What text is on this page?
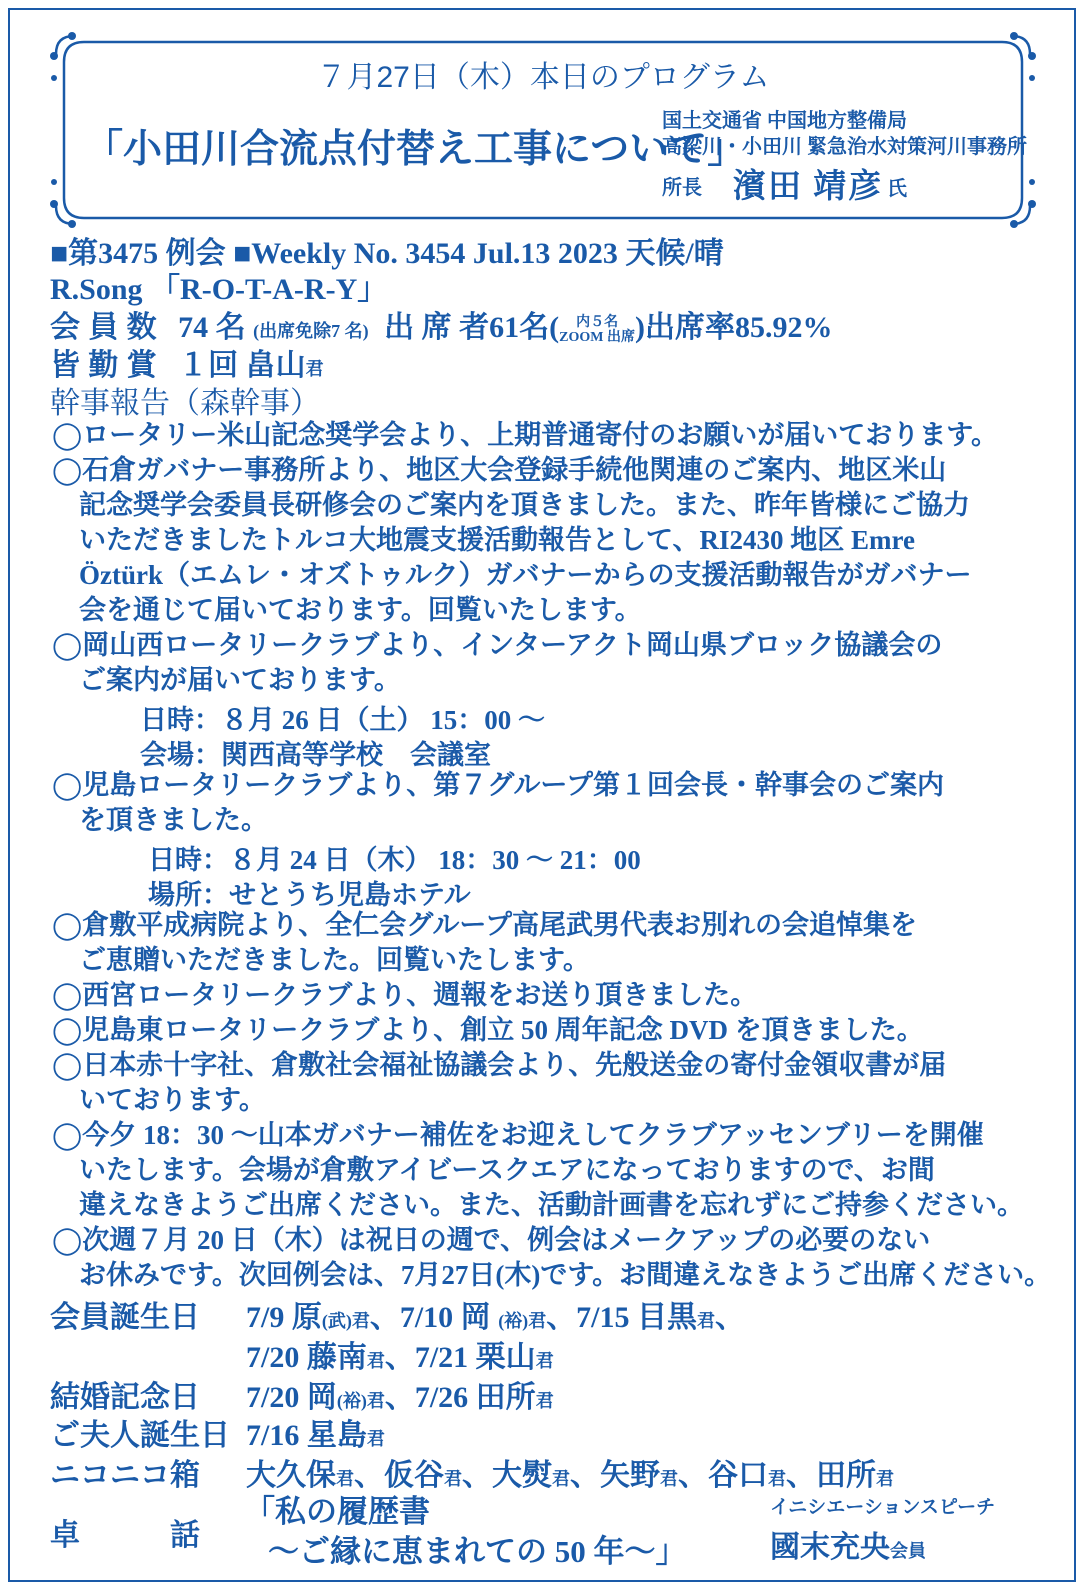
７月27日（木）本日のプログラム
「小田川合流点付替え工事について」
国土交通省 中国地方整備局
高梁川・小田川 緊急治水対策河川事務所
所長 濱田 靖彦 氏
■第3475 例会 ■Weekly No. 3454 Jul.13 2023 天候/晴
R.Song 「R-O-T-A-R-Y」
会 員 数 74 名 (出席免除7 名) 出 席 者61名( 内５名
ZOOM 出席)出席率85.92%
皆 勤 賞 １回 畠山君
幹事報告（森幹事）
◯ロータリー米山記念奨学会より、上期普通寄付のお願いが届いております。
◯石倉ガバナー事務所より、地区大会登録手続他関連のご案内、地区米山
　記念奨学会委員長研修会のご案内を頂きました。また、昨年皆様にご協力
　いただきましたトルコ大地震支援活動報告として、RI2430 地区 Emre
　Öztürk（エムレ・オズトゥルク）ガバナーからの支援活動報告がガバナー
　会を通じて届いております。回覧いたします。
◯岡山西ロータリークラブより、インターアクト岡山県ブロック協議会の
　ご案内が届いております。
日時：８月 26 日（土） 15：00 〜
会場：関西高等学校　会議室
◯児島ロータリークラブより、第７グループ第１回会長・幹事会のご案内
　を頂きました。
日時：８月 24 日（木） 18：30 〜 21：00
場所：せとうち児島ホテル
◯倉敷平成病院より、全仁会グループ高尾武男代表お別れの会追悼集を
　ご恵贈いただきました。回覧いたします。
◯西宮ロータリークラブより、週報をお送り頂きました。
◯児島東ロータリークラブより、創立 50 周年記念 DVD を頂きました。
◯日本赤十字社、倉敷社会福祉協議会より、先般送金の寄付金領収書が届
　いております。
◯今夕 18：30 〜山本ガバナー補佐をお迎えしてクラブアッセンブリーを開催
　いたします。会場が倉敷アイビースクエアになっておりますので、お間
　違えなきようご出席ください。また、活動計画書を忘れずにご持参ください。
◯次週７月 20 日（木）は祝日の週で、例会はメークアップの必要のない
　お休みです。次回例会は、7月27日(木)です。お間違えなきようご出席ください。
会員誕生日 7/9 原(武)君、7/10 岡 (裕)君、7/15 目黒君、
7/20 藤南君、7/21 栗山君
結婚記念日 7/20 岡(裕)君、7/26 田所君
ご夫人誕生日 7/16 星島君
ニコニコ箱 大久保君、仮谷君、大熨君、矢野君、谷口君、田所君
卓　　　話
「私の履歴書
〜ご縁に恵まれての 50 年〜」
イニシエーションスピーチ
國末充央会員
